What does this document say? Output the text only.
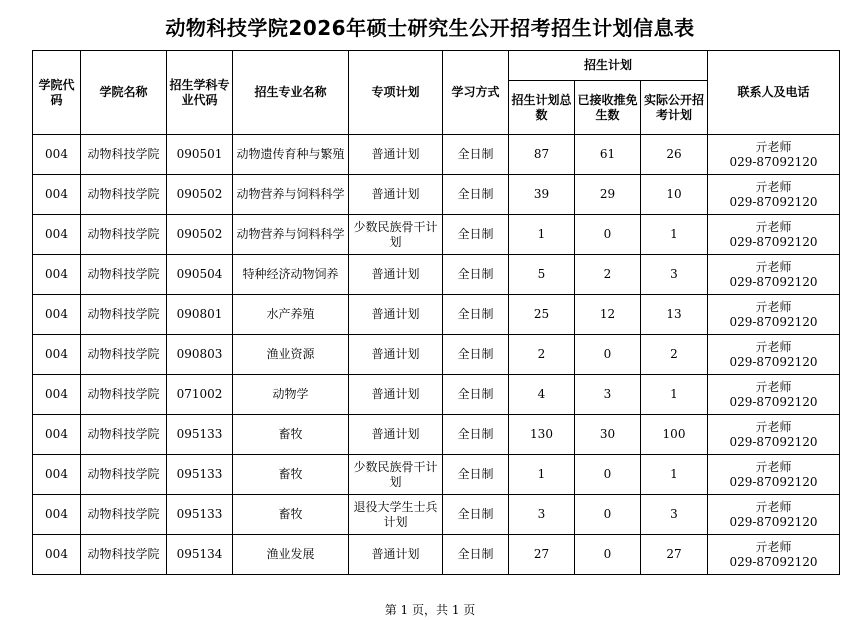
动物科技学院2026年硕士研究生公开招考招生计划信息表
学院代码	学院名称	招生学科专业代码	招生专业名称	专项计划	学习方式	招生计划			联系人及电话
						招生计划总数	已接收推免生数	实际公开招考计划	
004	动物科技学院	090501	动物遗传育种与繁殖	普通计划	全日制	87	61	26	亓老师
029-87092120

004	动物科技学院	090502	动物营养与饲料科学	普通计划	全日制	39	29	10	亓老师
029-87092120

004	动物科技学院	090502	动物营养与饲料科学	少数民族骨干计划	全日制	1	0	1	亓老师
029-87092120

004	动物科技学院	090504	特种经济动物饲养	普通计划	全日制	5	2	3	亓老师
029-87092120

004	动物科技学院	090801	水产养殖	普通计划	全日制	25	12	13	亓老师
029-87092120

004	动物科技学院	090803	渔业资源	普通计划	全日制	2	0	2	亓老师
029-87092120

004	动物科技学院	071002	动物学	普通计划	全日制	4	3	1	亓老师
029-87092120

004	动物科技学院	095133	畜牧	普通计划	全日制	130	30	100	亓老师
029-87092120

004	动物科技学院	095133	畜牧	少数民族骨干计划	全日制	1	0	1	亓老师
029-87092120

004	动物科技学院	095133	畜牧	退役大学生士兵计划	全日制	3	0	3	亓老师
029-87092120

004	动物科技学院	095134	渔业发展	普通计划	全日制	27	0	27	亓老师
029-87092120
第 1 页，共 1 页
